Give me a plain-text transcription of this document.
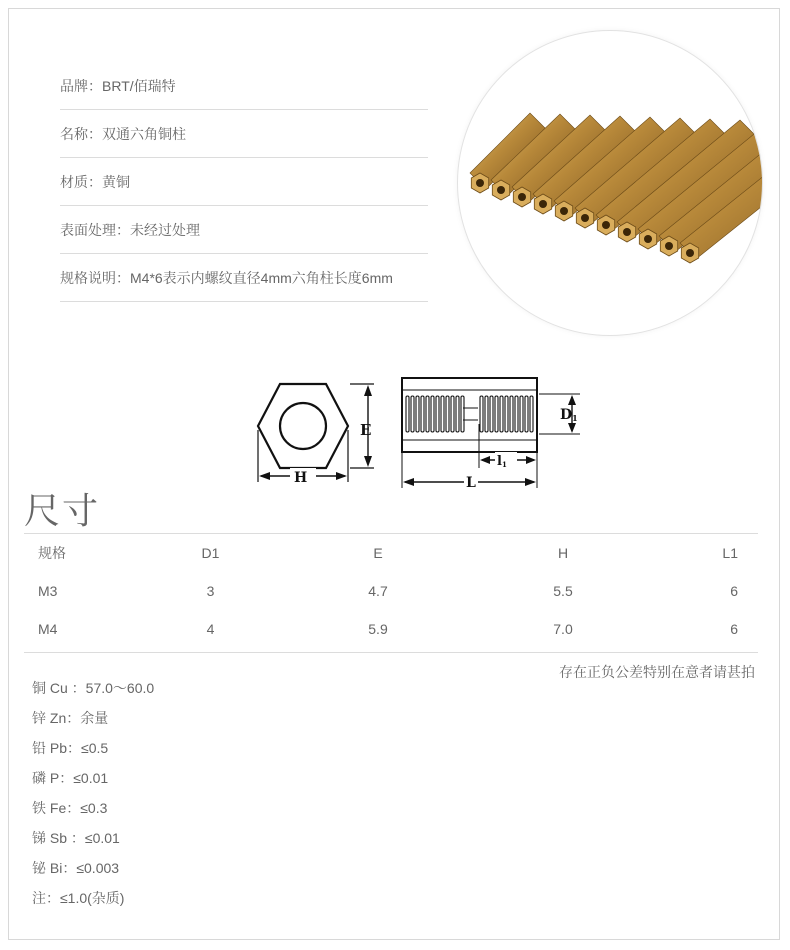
品牌：BRT/佰瑞特
名称：双通六角铜柱
材质：黄铜
表面处理：未经过处理
规格说明：M4*6表示内螺纹直径4mm六角柱长度6mm
E
H
D1
l1
L
尺寸
规格	D1	E	H	L1
M3	3	4.7	5.5	6
M4	4	5.9	7.0	6

存在正负公差特别在意者请甚拍

铜 Cu ：57.0～60.0
锌 Zn：余量
铅 Pb：≤0.5
磷 P：≤0.01
铁 Fe：≤0.3
锑 Sb ：≤0.01
铋 Bi：≤0.003
注：≤1.0(杂质)
